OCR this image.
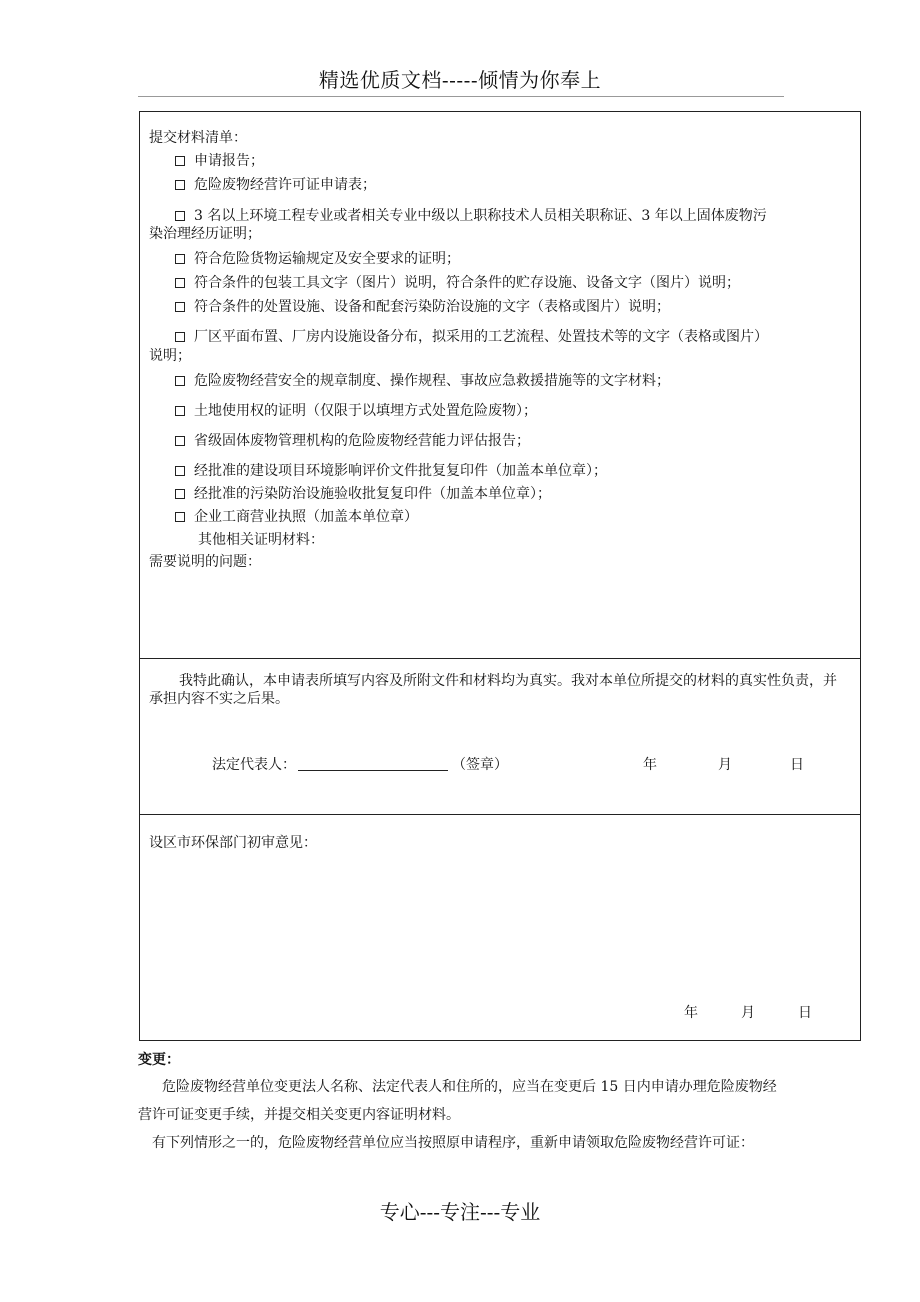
精选优质文档-----倾情为你奉上
提交材料清单：
申请报告；
危险废物经营许可证申请表；
3 名以上环境工程专业或者相关专业中级以上职称技术人员相关职称证、3 年以上固体废物污
染治理经历证明；
符合危险货物运输规定及安全要求的证明；
符合条件的包装工具文字（图片）说明，符合条件的贮存设施、设备文字（图片）说明；
符合条件的处置设施、设备和配套污染防治设施的文字（表格或图片）说明；
厂区平面布置、厂房内设施设备分布，拟采用的工艺流程、处置技术等的文字（表格或图片）
说明；
危险废物经营安全的规章制度、操作规程、事故应急救援措施等的文字材料；
土地使用权的证明（仅限于以填埋方式处置危险废物）；
省级固体废物管理机构的危险废物经营能力评估报告；
经批准的建设项目环境影响评价文件批复复印件（加盖本单位章）；
经批准的污染防治设施验收批复复印件（加盖本单位章）；
企业工商营业执照（加盖本单位章）
其他相关证明材料：
需要说明的问题：
我特此确认，本申请表所填写内容及所附文件和材料均为真实。我对本单位所提交的材料的真实性负责，并承担内容不实之后果。
法定代表人：	（签章）	年	月	日
设区市环保部门初审意见：
年	月	日
变更：
危险废物经营单位变更法人名称、法定代表人和住所的，应当在变更后 15 日内申请办理危险废物经营许可证变更手续，并提交相关变更内容证明材料。
有下列情形之一的，危险废物经营单位应当按照原申请程序，重新申请领取危险废物经营许可证：
专心---专注---专业
